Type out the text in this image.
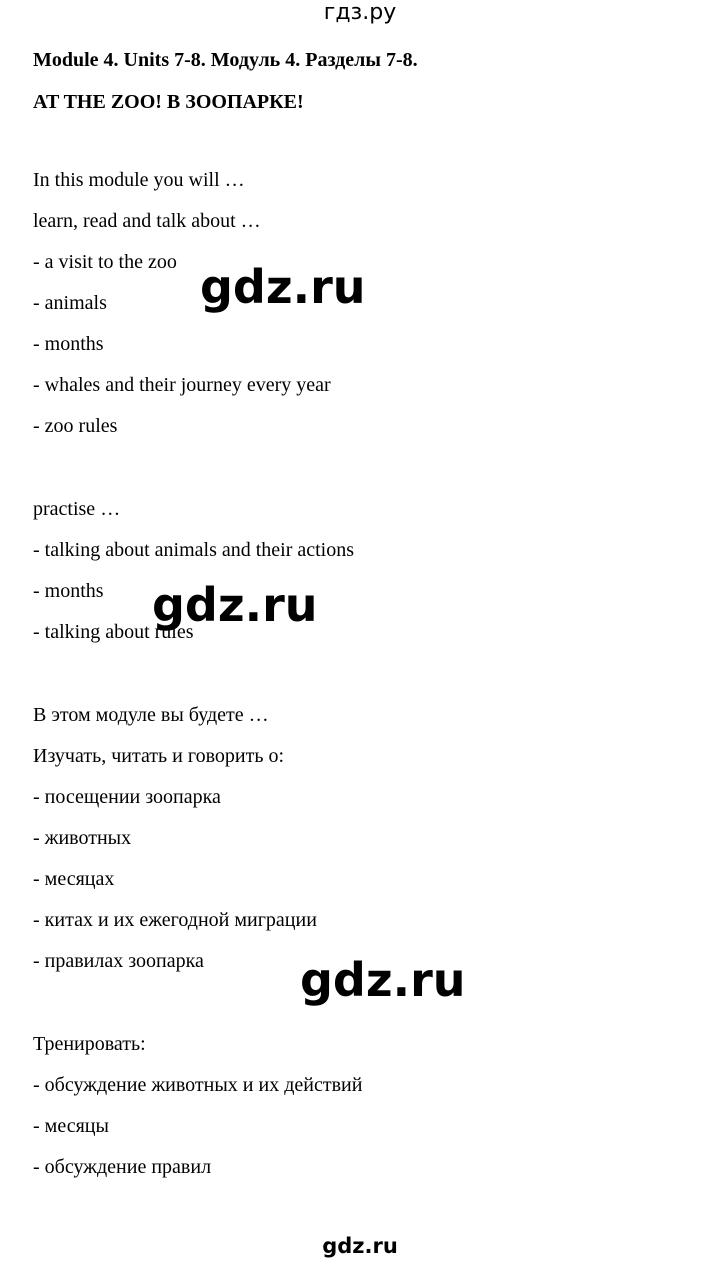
гдз.ру

Module 4. Units 7-8. Модуль 4. Разделы 7-8.

AT THE ZOO! В ЗООПАРКЕ!

In this module you will …

learn, read and talk about …

- a visit to the zoo

- animals

- months

- whales and their journey every year

- zoo rules

practise …

- talking about animals and their actions

- months

- talking about rules

В этом модуле вы будете …

Изучать, читать и говорить о:

- посещении зоопарка

- животных

- месяцах

- китах и их ежегодной миграции

- правилах зоопарка

Тренировать:

- обсуждение животных и их действий

- месяцы

- обсуждение правил

gdz.ru
gdz.ru
gdz.ru
gdz.ru
